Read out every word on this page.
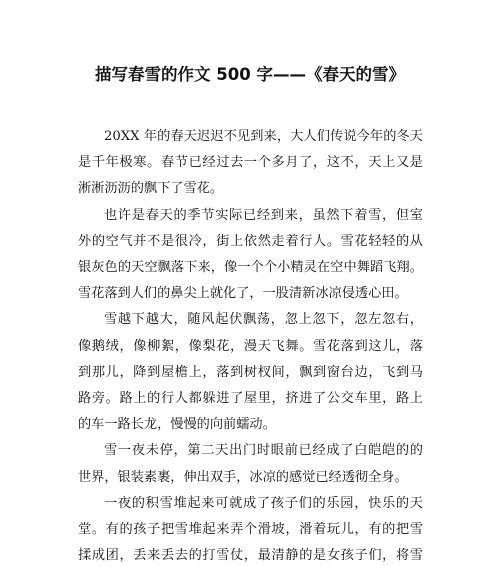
描写春雪的作文 500 字——《春天的雪》

20XX 年的春天迟迟不见到来，大人们传说今年的冬天
是千年极寒。春节已经过去一个多月了，这不，天上又是
淅淅沥沥的飘下了雪花。

也许是春天的季节实际已经到来，虽然下着雪，但室
外的空气并不是很冷，街上依然走着行人。雪花轻轻的从
银灰色的天空飘落下来，像一个个小精灵在空中舞蹈飞翔。
雪花落到人们的鼻尖上就化了，一股清新冰凉侵透心田。

雪越下越大，随风起伏飘荡，忽上忽下，忽左忽右，
像鹅绒，像柳絮，像梨花，漫天飞舞。雪花落到这儿，落
到那儿，降到屋檐上，落到树杈间，飘到窗台边，飞到马
路旁。路上的行人都躲进了屋里，挤进了公交车里，路上
的车一路长龙，慢慢的向前蠕动。

雪一夜未停，第二天出门时眼前已经成了白皑皑的的
世界，银装素裹，伸出双手，冰凉的感觉已经透彻全身。

一夜的积雪堆起来可就成了孩子们的乐园，快乐的天
堂。有的孩子把雪堆起来弄个滑坡，滑着玩儿，有的把雪
揉成团，丢来丢去的打雪仗，最清静的是女孩子们，将雪
